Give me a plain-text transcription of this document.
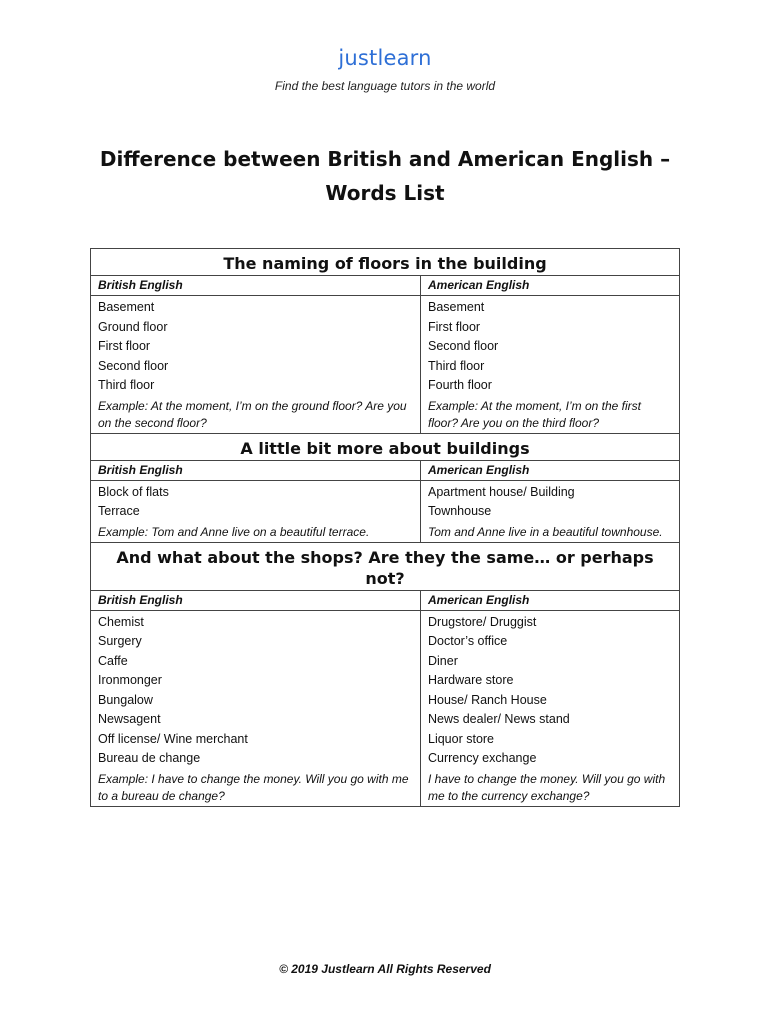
justlearn
Find the best language tutors in the world
Difference between British and American English –
Words List
The naming of floors in the building	
British English	American English
Basement	Basement
Ground floor	First floor
First floor	Second floor
Second floor	Third floor
Third floor	Fourth floor
Example: At the moment, I’m on the ground floor? Are you on the second floor?	Example: At the moment, I’m on the first floor? Are you on the third floor?
A little bit more about buildings	
British English	American English
Block of flats	Apartment house/ Building
Terrace	Townhouse
Example: Tom and Anne live on a beautiful terrace.	Tom and Anne live in a beautiful townhouse.
And what about the shops? Are they the same… or perhaps not?	
British English	American English
Chemist	Drugstore/ Druggist
Surgery	Doctor’s office
Caffe	Diner
Ironmonger	Hardware store
Bungalow	House/ Ranch House
Newsagent	News dealer/ News stand
Off license/ Wine merchant	Liquor store
Bureau de change	Currency exchange
Example: I have to change the money. Will you go with me to a bureau de change?	I have to change the money. Will you go with me to the currency exchange?
© 2019 Justlearn All Rights Reserved
